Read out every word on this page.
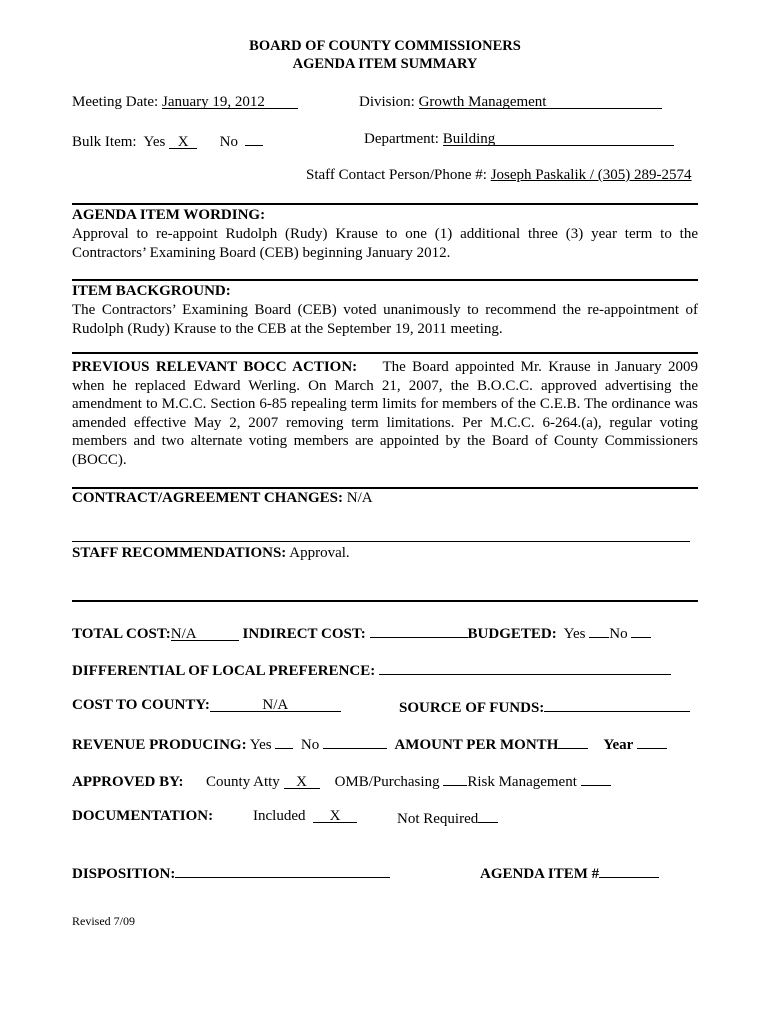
BOARD OF COUNTY COMMISSIONERS
AGENDA ITEM SUMMARY
Meeting Date: January 19, 2012	Division: Growth Management
Bulk Item: Yes X No	Department: Building
Staff Contact Person/Phone #: Joseph Paskalik / (305) 289-2574
AGENDA ITEM WORDING:
Approval to re-appoint Rudolph (Rudy) Krause to one (1) additional three (3) year term to the Contractors’ Examining Board (CEB) beginning January 2012.
ITEM BACKGROUND:
The Contractors’ Examining Board (CEB) voted unanimously to recommend the re-appointment of Rudolph (Rudy) Krause to the CEB at the September 19, 2011 meeting.
PREVIOUS RELEVANT BOCC ACTION: The Board appointed Mr. Krause in January 2009 when he replaced Edward Werling. On March 21, 2007, the B.O.C.C. approved advertising the amendment to M.C.C. Section 6-85 repealing term limits for members of the C.E.B. The ordinance was amended effective May 2, 2007 removing term limitations. Per M.C.C. 6-264.(a), regular voting members and two alternate voting members are appointed by the Board of County Commissioners (BOCC).
CONTRACT/AGREEMENT CHANGES: N/A
STAFF RECOMMENDATIONS: Approval.
TOTAL COST:N/A	INDIRECT COST:	BUDGETED: Yes No
DIFFERENTIAL OF LOCAL PREFERENCE:
COST TO COUNTY:	N/A	SOURCE OF FUNDS:
REVENUE PRODUCING: Yes No	AMOUNT PER MONTH	Year
APPROVED BY: County Atty X OMB/Purchasing Risk Management
DOCUMENTATION:	Included X	Not Required
DISPOSITION:	AGENDA ITEM #
Revised 7/09
